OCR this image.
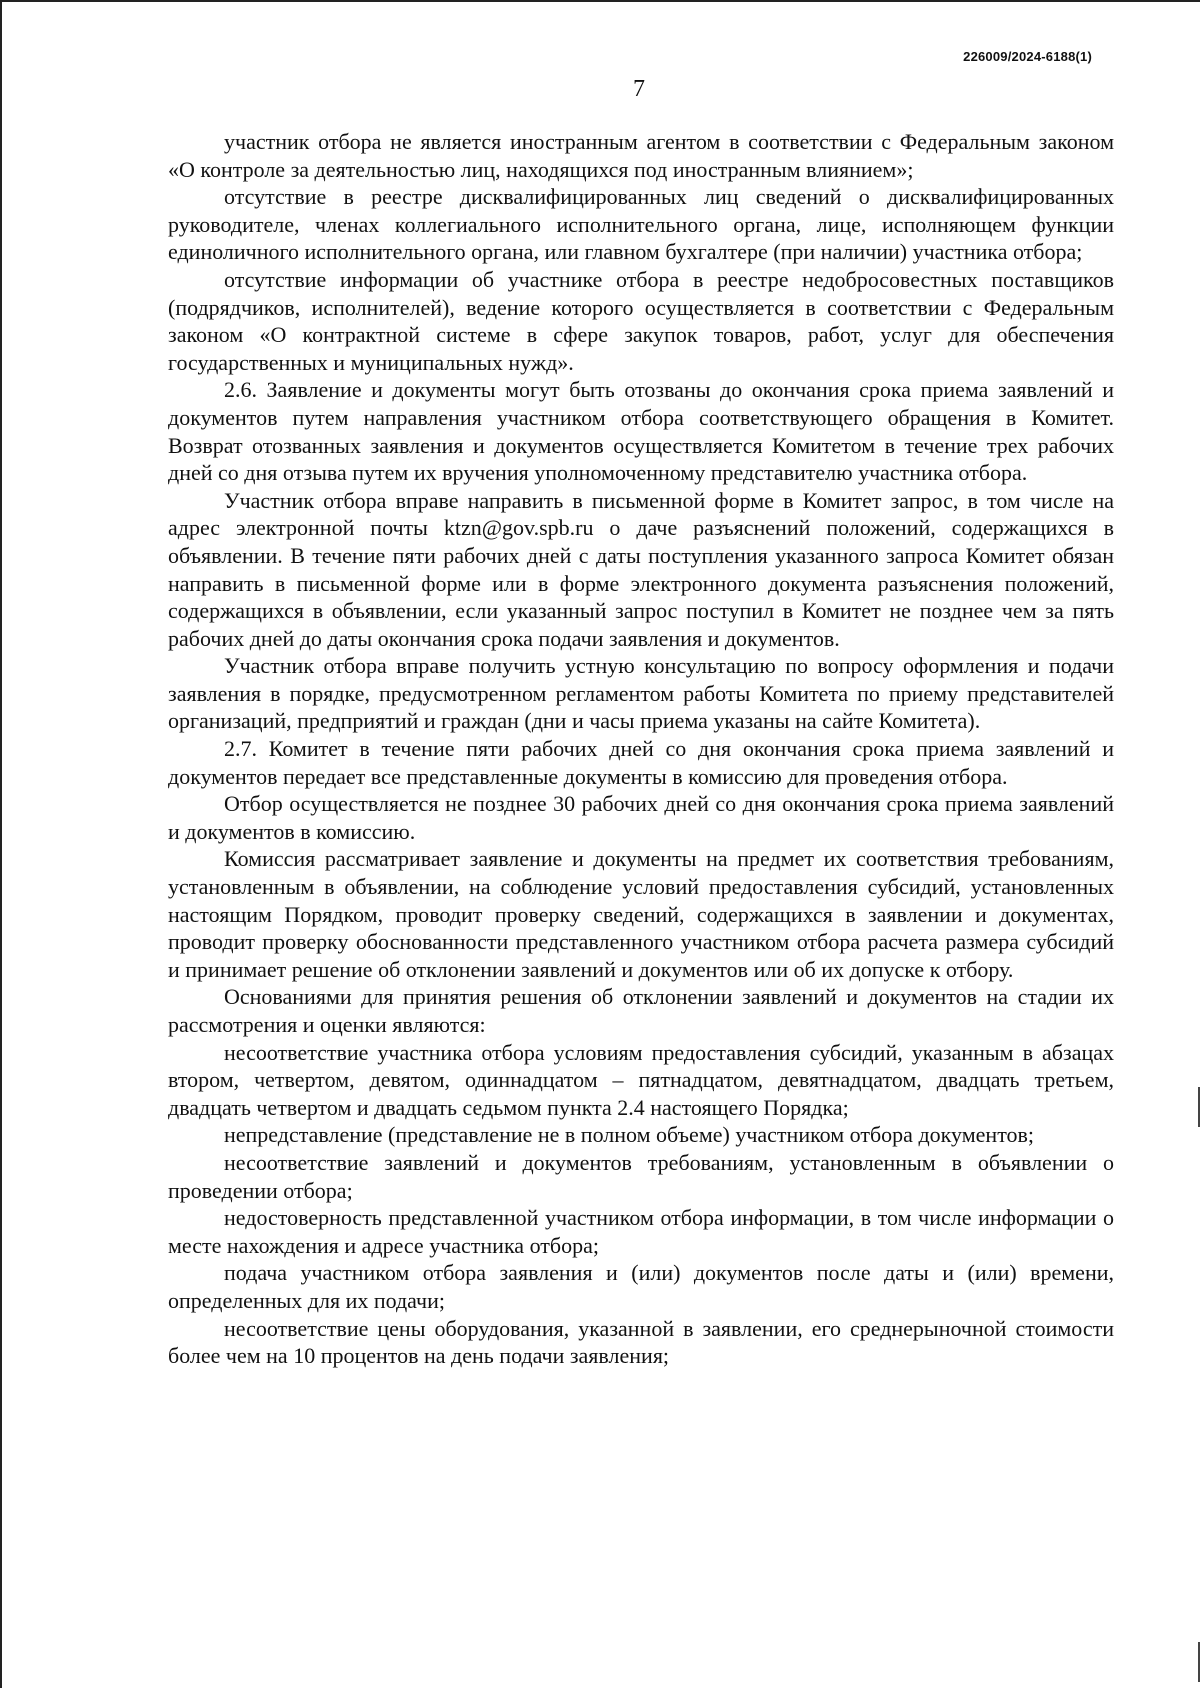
226009/2024-6188(1)
7

участник отбора не является иностранным агентом в соответствии с Федеральным законом «О контроле за деятельностью лиц, находящихся под иностранным влиянием»;

отсутствие в реестре дисквалифицированных лиц сведений о дисквалифицированных руководителе, членах коллегиального исполнительного органа, лице, исполняющем функции единоличного исполнительного органа, или главном бухгалтере (при наличии) участника отбора;

отсутствие информации об участнике отбора в реестре недобросовестных поставщиков (подрядчиков, исполнителей), ведение которого осуществляется в соответствии с Федеральным законом «О контрактной системе в сфере закупок товаров, работ, услуг для обеспечения государственных и муниципальных нужд».

2.6. Заявление и документы могут быть отозваны до окончания срока приема заявлений и документов путем направления участником отбора соответствующего обращения в Комитет. Возврат отозванных заявления и документов осуществляется Комитетом в течение трех рабочих дней со дня отзыва путем их вручения уполномоченному представителю участника отбора.

Участник отбора вправе направить в письменной форме в Комитет запрос, в том числе на адрес электронной почты ktzn@gov.spb.ru о даче разъяснений положений, содержащихся в объявлении. В течение пяти рабочих дней с даты поступления указанного запроса Комитет обязан направить в письменной форме или в форме электронного документа разъяснения положений, содержащихся в объявлении, если указанный запрос поступил в Комитет не позднее чем за пять рабочих дней до даты окончания срока подачи заявления и документов.

Участник отбора вправе получить устную консультацию по вопросу оформления и подачи заявления в порядке, предусмотренном регламентом работы Комитета по приему представителей организаций, предприятий и граждан (дни и часы приема указаны на сайте Комитета).

2.7. Комитет в течение пяти рабочих дней со дня окончания срока приема заявлений и документов передает все представленные документы в комиссию для проведения отбора.

Отбор осуществляется не позднее 30 рабочих дней со дня окончания срока приема заявлений и документов в комиссию.

Комиссия рассматривает заявление и документы на предмет их соответствия требованиям, установленным в объявлении, на соблюдение условий предоставления субсидий, установленных настоящим Порядком, проводит проверку сведений, содержащихся в заявлении и документах, проводит проверку обоснованности представленного участником отбора расчета размера субсидий и принимает решение об отклонении заявлений и документов или об их допуске к отбору.

Основаниями для принятия решения об отклонении заявлений и документов на стадии их рассмотрения и оценки являются:

несоответствие участника отбора условиям предоставления субсидий, указанным в абзацах втором, четвертом, девятом, одиннадцатом – пятнадцатом, девятнадцатом, двадцать третьем, двадцать четвертом и двадцать седьмом пункта 2.4 настоящего Порядка;

непредставление (представление не в полном объеме) участником отбора документов;

несоответствие заявлений и документов требованиям, установленным в объявлении о проведении отбора;

недостоверность представленной участником отбора информации, в том числе информации о месте нахождения и адресе участника отбора;

подача участником отбора заявления и (или) документов после даты и (или) времени, определенных для их подачи;

несоответствие цены оборудования, указанной в заявлении, его среднерыночной стоимости более чем на 10 процентов на день подачи заявления;
